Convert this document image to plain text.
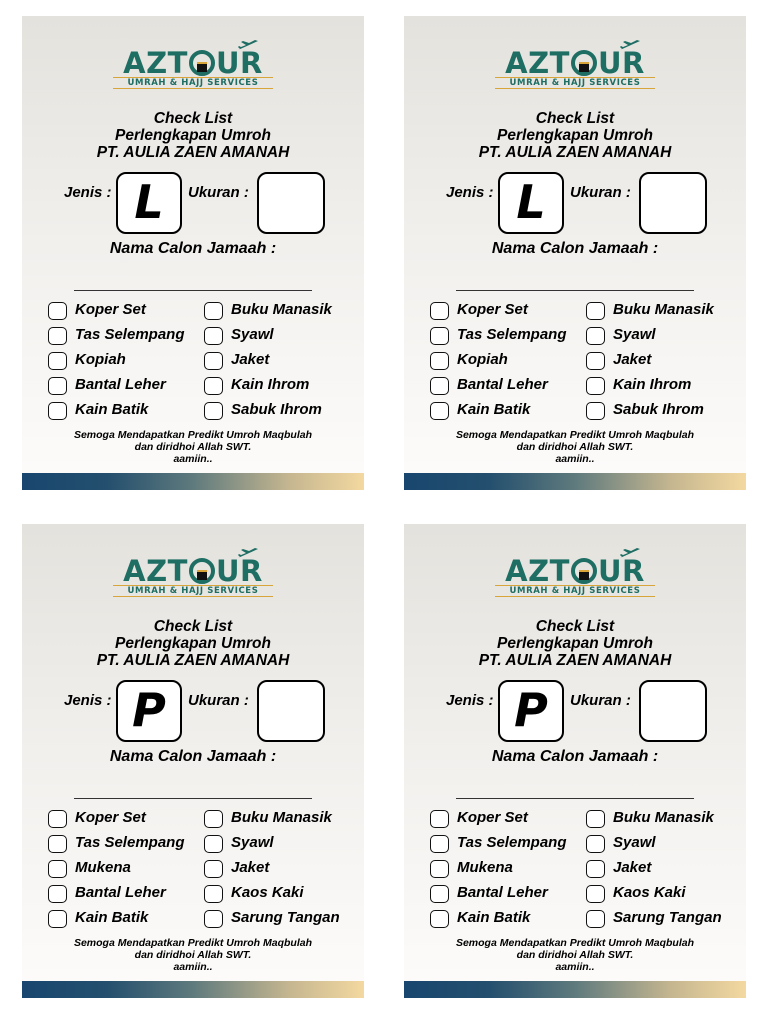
AZT UR
UMRAH & HAJJ SERVICES
Check List
Perlengkapan Umroh
PT. AULIA ZAEN AMANAH
Jenis : L	Ukuran :
Nama Calon Jamaah :
Koper Set
Tas Selempang
Kopiah
Bantal Leher
Kain Batik
Buku Manasik
Syawl
Jaket
Kain Ihrom
Sabuk Ihrom
Semoga Mendapatkan Predikt Umroh Maqbulah
dan diridhoi Allah SWT.
aamiin..
AZT UR
UMRAH & HAJJ SERVICES
Check List
Perlengkapan Umroh
PT. AULIA ZAEN AMANAH
Jenis : L	Ukuran :
Nama Calon Jamaah :
Koper Set
Tas Selempang
Kopiah
Bantal Leher
Kain Batik
Buku Manasik
Syawl
Jaket
Kain Ihrom
Sabuk Ihrom
Semoga Mendapatkan Predikt Umroh Maqbulah
dan diridhoi Allah SWT.
aamiin..
AZT UR
UMRAH & HAJJ SERVICES
Check List
Perlengkapan Umroh
PT. AULIA ZAEN AMANAH
Jenis : P	Ukuran :
Nama Calon Jamaah :
Koper Set
Tas Selempang
Mukena
Bantal Leher
Kain Batik
Buku Manasik
Syawl
Jaket
Kaos Kaki
Sarung Tangan
Semoga Mendapatkan Predikt Umroh Maqbulah
dan diridhoi Allah SWT.
aamiin..
AZT UR
UMRAH & HAJJ SERVICES
Check List
Perlengkapan Umroh
PT. AULIA ZAEN AMANAH
Jenis : P	Ukuran :
Nama Calon Jamaah :
Koper Set
Tas Selempang
Mukena
Bantal Leher
Kain Batik
Buku Manasik
Syawl
Jaket
Kaos Kaki
Sarung Tangan
Semoga Mendapatkan Predikt Umroh Maqbulah
dan diridhoi Allah SWT.
aamiin..
